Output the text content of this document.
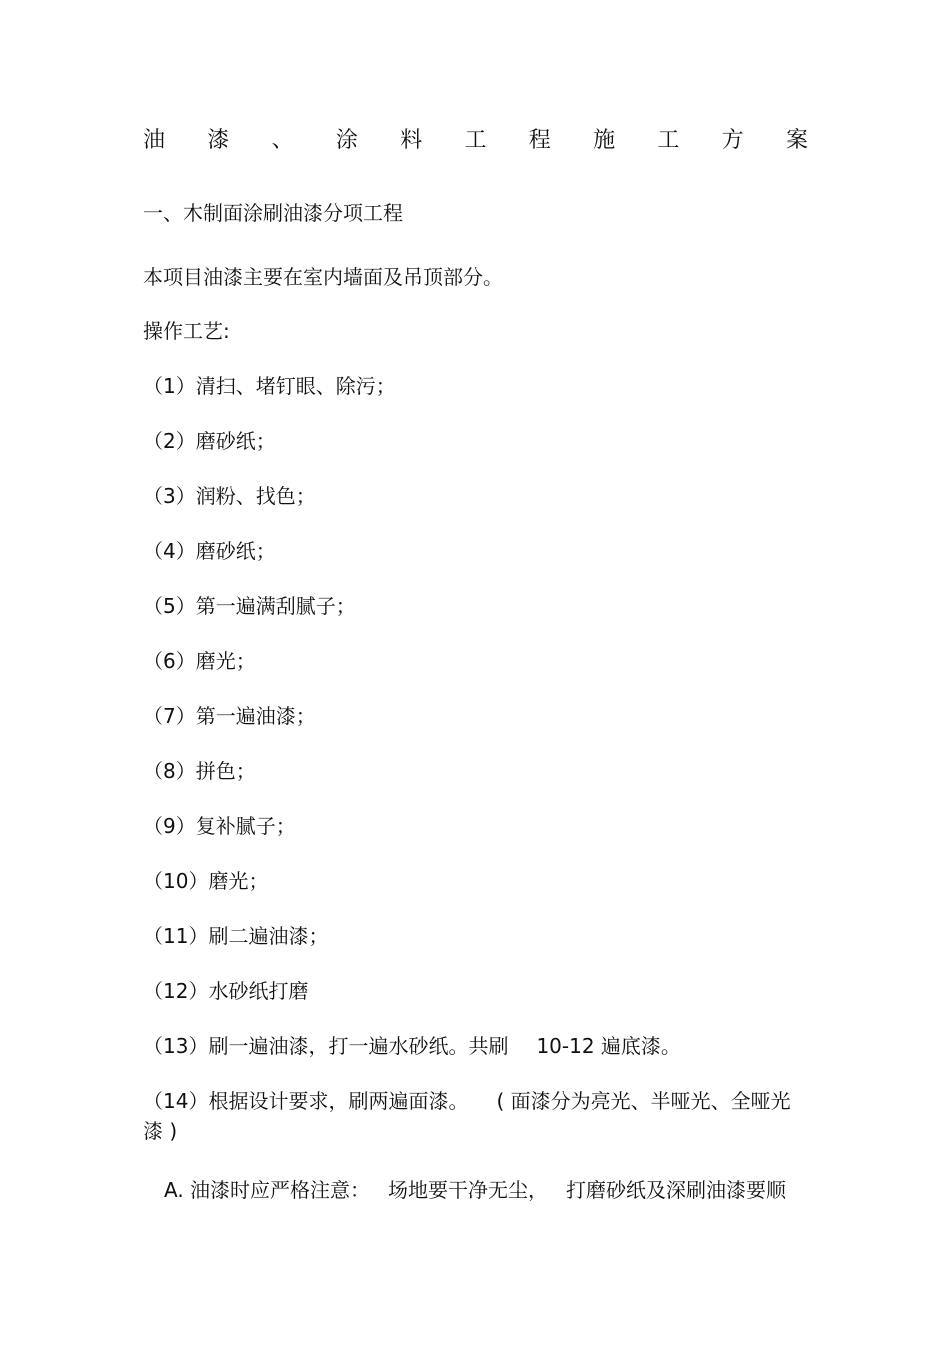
油 漆 、 涂 料 工 程 施 工 方 案
一、木制面涂刷油漆分项工程
本项目油漆主要在室内墙面及吊顶部分。
操作工艺:
（1）清扫、堵钉眼、除污；
（2）磨砂纸；
（3）润粉、找色；
（4）磨砂纸；
（5）第一遍满刮腻子；
（6）磨光；
（7）第一遍油漆；
（8）拼色；
（9）复补腻子；
（10）磨光；
（11）刷二遍油漆；
（12）水砂纸打磨
（13）刷一遍油漆，打一遍水砂纸。共刷 10-12 遍底漆。
（14）根据设计要求，刷两遍面漆。 ( 面漆分为亮光、半哑光、全哑光漆 )
A. 油漆时应严格注意： 场地要干净无尘， 打磨砂纸及深刷油漆要顺
